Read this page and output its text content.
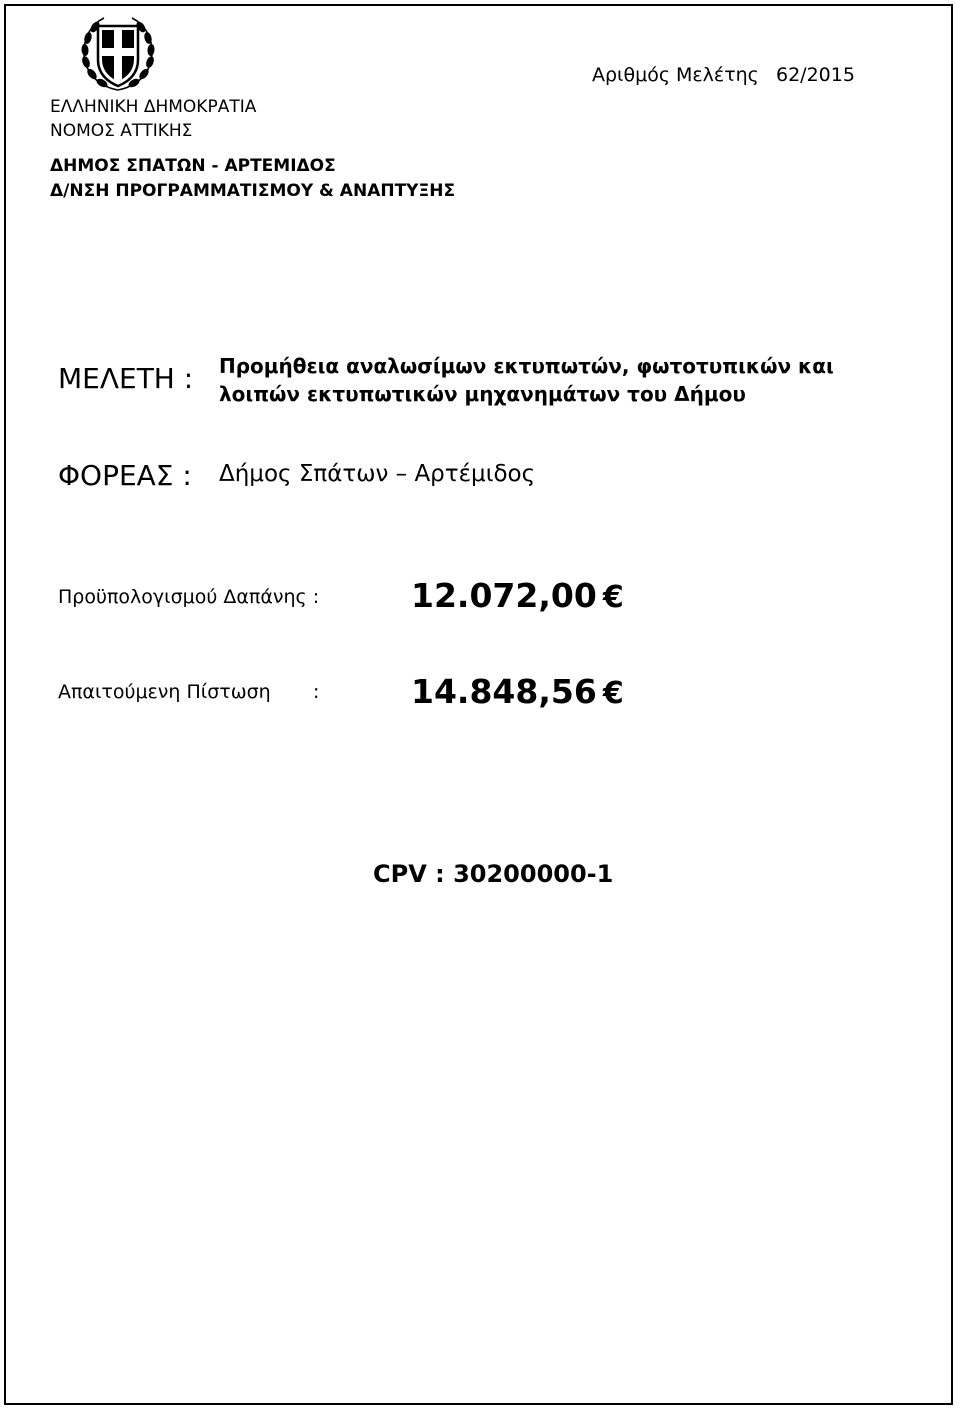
ΕΛΛΗΝΙΚΗ ΔΗΜΟΚΡΑΤΙΑ
ΝΟΜΟΣ ΑΤΤΙΚΗΣ
ΔΗΜΟΣ ΣΠΑΤΩΝ - ΑΡΤΕΜΙΔΟΣ
Δ/ΝΣΗ ΠΡΟΓΡΑΜΜΑΤΙΣΜΟΥ & ΑΝΑΠΤΥΞΗΣ
Αριθμός Μελέτης 62/2015
ΜΕΛΕΤΗ : Προμήθεια αναλωσίμων εκτυπωτών, φωτοτυπικών και
λοιπών εκτυπωτικών μηχανημάτων του Δήμου
ΦΟΡΕΑΣ : Δήμος Σπάτων – Αρτέμιδος
Προϋπολογισμού Δαπάνης :	12.072,00 €
Απαιτούμενη Πίστωση :	14.848,56 €
CPV : 30200000-1
